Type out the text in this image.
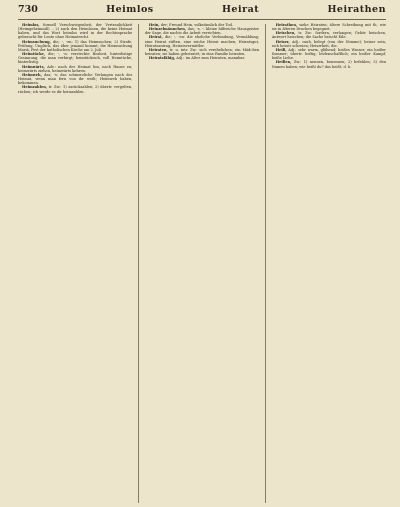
730	Heimlos	Heirat	Heirathen

Heimlos, formell Verschwiegenheit, der Vertraulichkeit (Heimgeheimniß). – 2) auch den Heimlosen, die keine Heimat haben, und das Wort heimlos wird in der Rechtssprache gebraucht für Leute ohne Heimatrecht.

Heimsuchung, die; -, -en: 1) das Heimsuchen; 2) Strafe, Prüfung, Unglück, das über jemand kommt; die Heimsuchung Mariä, Fest der katholischen Kirche am 2. Juli.

Heimtücke, die; -, -n: versteckte Bosheit, hinterlistige Gesinnung, die man verbirgt; heimtückisch, voll Heimtücke, hinterlistig.

Heimwärts, Adv.: nach der Heimat hin, nach Hause zu; heimwärts ziehen, heimwärts kehren.

Heimweh, das; -s: das schmerzliche Verlangen nach der Heimat, wenn man fern von ihr weilt; Heimweh haben, bekommen.

Heimzahlen, tr. Zw.: 1) zurückzahlen; 2) übertr. vergelten, rächen; ich werde es dir heimzahlen.

Hein, der; Freund Hein, volkstümlich der Tod.

Heinzelmännchen, das; -s, -: kleine hilfreiche Hausgeister der Sage, die nachts die Arbeit verrichten.

Heirat, die; -, -en: die eheliche Verbindung, Vermählung; eine Heirat stiften, eine reiche Heirat machen; Heiratsgut, Heiratsantrag, Heiratsvermittler.

Heiraten, tr. u. intr. Zw.: sich verehelichen; ein Mädchen heiraten; sie haben geheiratet; in eine Familie heiraten.

Heiratsfähig, Adj.: im Alter zum Heiraten, mannbar.

Heirathen, siehe Heiraten; ältere Schreibung mit th, wie sie in älteren Drucken begegnet.

Heischen, tr. Zw.: fordern, verlangen; Gehör heischen, Antwort heischen; die Sache heischt Eile.

Heiser, Adj.: rauh, belegt (von der Stimme); heiser sein, sich heiser schreien; Heiserkeit, die.

Heiß, Adj.: sehr warm, glühend; heißes Wasser; ein heißer Sommer; übertr. heftig, leidenschaftlich; ein heißer Kampf, heiße Liebe.

Heißen, Zw.: 1) nennen, benennen; 2) befehlen; 3) den Namen haben; wie heißt du? das heißt, d. h.
